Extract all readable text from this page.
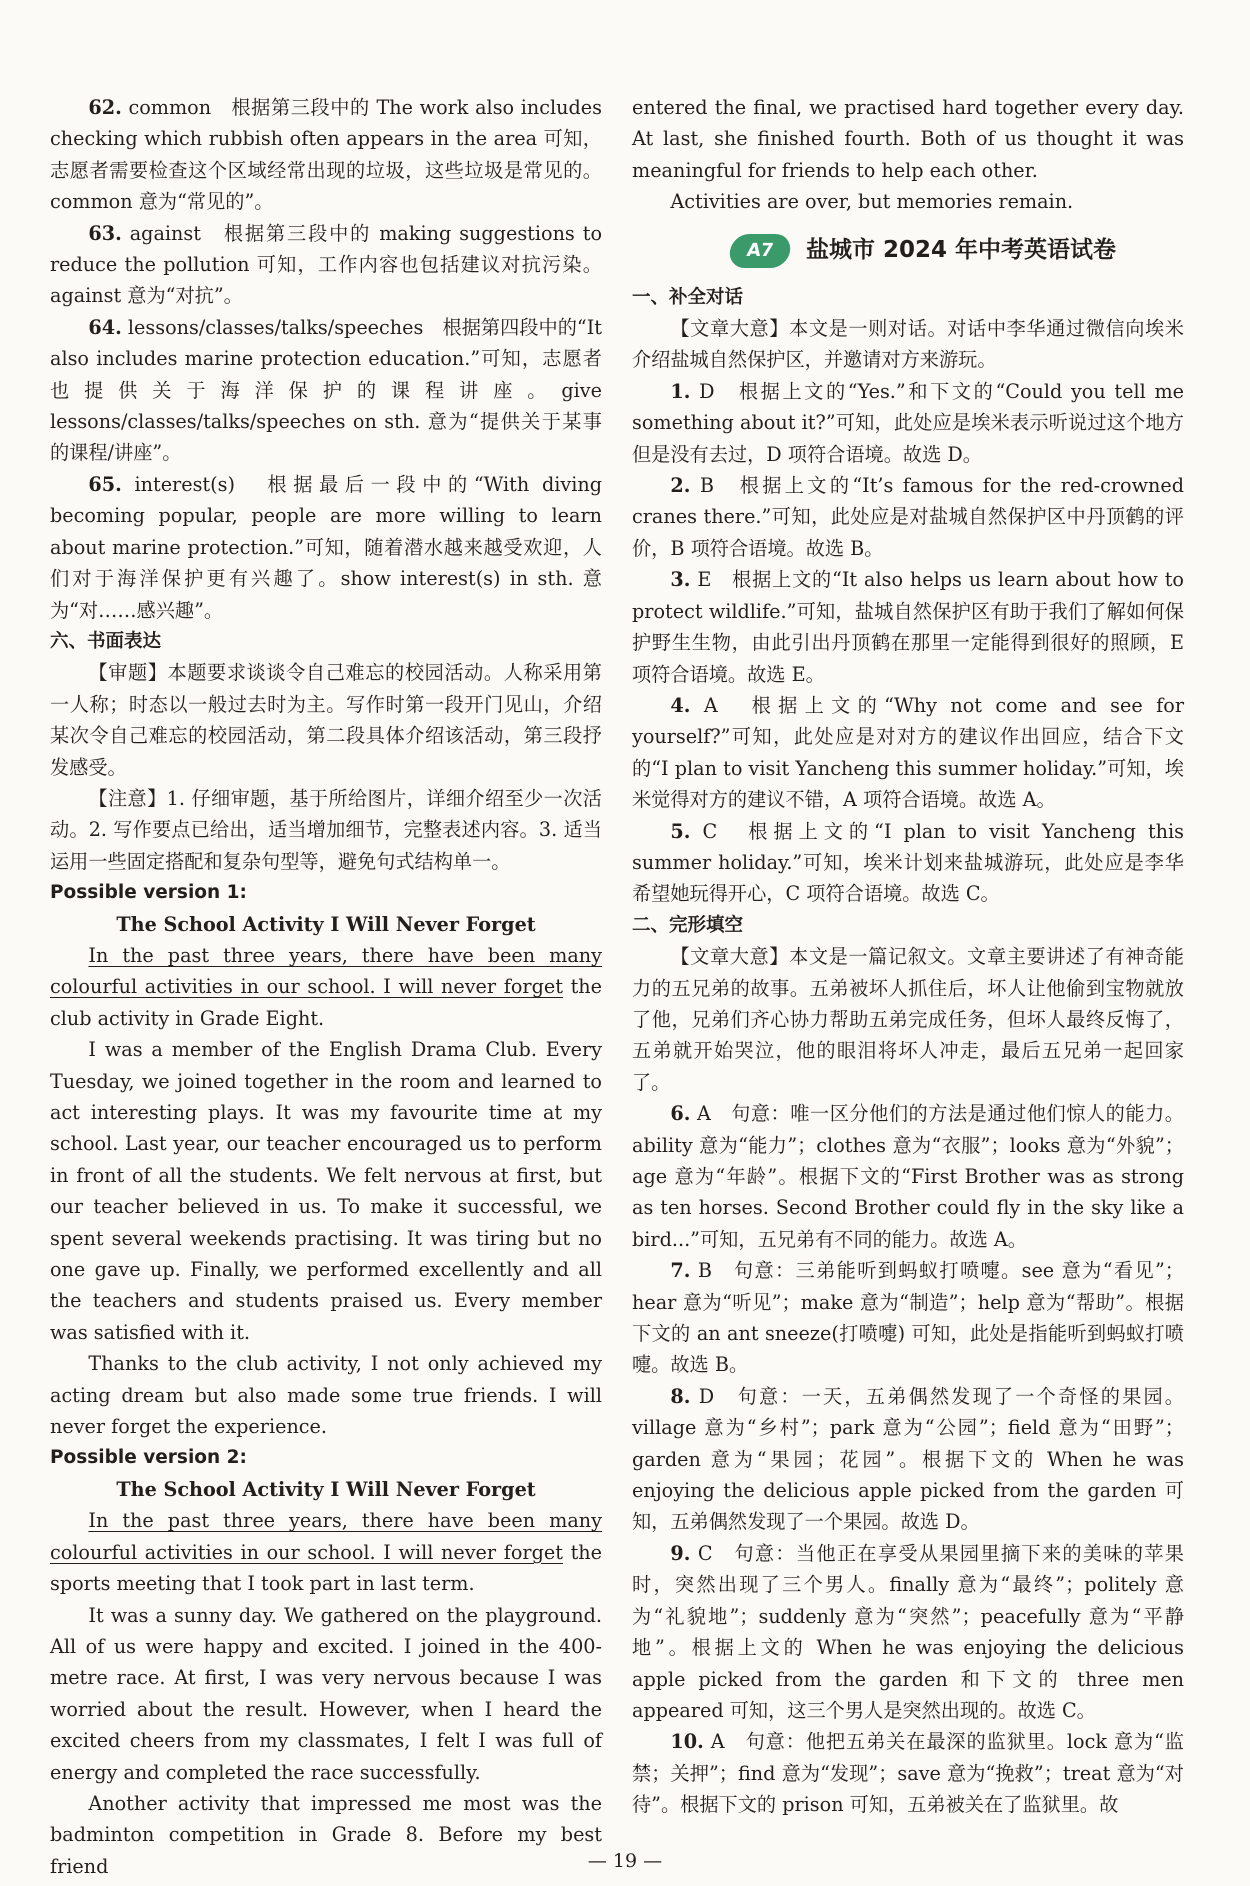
62. common　根据第三段中的 The work also includes checking which rubbish often appears in the area 可知，志愿者需要检查这个区域经常出现的垃圾，这些垃圾是常见的。common 意为“常见的”。

63. against　根据第三段中的 making suggestions to reduce the pollution 可知，工作内容也包括建议对抗污染。against 意为“对抗”。

64. lessons/classes/talks/speeches　根据第四段中的“It also includes marine protection education.”可知，志愿者也提供关于海洋保护的课程讲座。give lessons/classes/talks/speeches on sth. 意为“提供关于某事的课程/讲座”。

65. interest(s)　根据最后一段中的“With diving becoming popular, people are more willing to learn about marine protection.”可知，随着潜水越来越受欢迎，人们对于海洋保护更有兴趣了。show interest(s) in sth. 意为“对……感兴趣”。

六、书面表达

【审题】本题要求谈谈令自己难忘的校园活动。人称采用第一人称；时态以一般过去时为主。写作时第一段开门见山，介绍某次令自己难忘的校园活动，第二段具体介绍该活动，第三段抒发感受。

【注意】1. 仔细审题，基于所给图片，详细介绍至少一次活动。2. 写作要点已给出，适当增加细节，完整表述内容。3. 适当运用一些固定搭配和复杂句型等，避免句式结构单一。

Possible version 1:

The School Activity I Will Never Forget

In the past three years, there have been many colourful activities in our school. I will never forget the club activity in Grade Eight.

I was a member of the English Drama Club. Every Tuesday, we joined together in the room and learned to act interesting plays. It was my favourite time at my school. Last year, our teacher encouraged us to perform in front of all the students. We felt nervous at first, but our teacher believed in us. To make it successful, we spent several weekends practising. It was tiring but no one gave up. Finally, we performed excellently and all the teachers and students praised us. Every member was satisfied with it.

Thanks to the club activity, I not only achieved my acting dream but also made some true friends. I will never forget the experience.

Possible version 2:

The School Activity I Will Never Forget

In the past three years, there have been many colourful activities in our school. I will never forget the sports meeting that I took part in last term.

It was a sunny day. We gathered on the playground. All of us were happy and excited. I joined in the 400-metre race. At first, I was very nervous because I was worried about the result. However, when I heard the excited cheers from my classmates, I felt I was full of energy and completed the race successfully.

Another activity that impressed me most was the badminton competition in Grade 8. Before my best friend

entered the final, we practised hard together every day. At last, she finished fourth. Both of us thought it was meaningful for friends to help each other.

Activities are over, but memories remain.

A7	盐城市 2024 年中考英语试卷

一、补全对话

【文章大意】本文是一则对话。对话中李华通过微信向埃米介绍盐城自然保护区，并邀请对方来游玩。

1. D　根据上文的“Yes.”和下文的“Could you tell me something about it?”可知，此处应是埃米表示听说过这个地方但是没有去过，D 项符合语境。故选 D。

2. B　根据上文的“It’s famous for the red-crowned cranes there.”可知，此处应是对盐城自然保护区中丹顶鹤的评价，B 项符合语境。故选 B。

3. E　根据上文的“It also helps us learn about how to protect wildlife.”可知，盐城自然保护区有助于我们了解如何保护野生生物，由此引出丹顶鹤在那里一定能得到很好的照顾，E 项符合语境。故选 E。

4. A　根据上文的“Why not come and see for yourself?”可知，此处应是对对方的建议作出回应，结合下文的“I plan to visit Yancheng this summer holiday.”可知，埃米觉得对方的建议不错，A 项符合语境。故选 A。

5. C　根据上文的“I plan to visit Yancheng this summer holiday.”可知，埃米计划来盐城游玩，此处应是李华希望她玩得开心，C 项符合语境。故选 C。

二、完形填空

【文章大意】本文是一篇记叙文。文章主要讲述了有神奇能力的五兄弟的故事。五弟被坏人抓住后，坏人让他偷到宝物就放了他，兄弟们齐心协力帮助五弟完成任务，但坏人最终反悔了，五弟就开始哭泣，他的眼泪将坏人冲走，最后五兄弟一起回家了。

6. A　句意：唯一区分他们的方法是通过他们惊人的能力。ability 意为“能力”；clothes 意为“衣服”；looks 意为“外貌”；age 意为“年龄”。根据下文的“First Brother was as strong as ten horses. Second Brother could fly in the sky like a bird...”可知，五兄弟有不同的能力。故选 A。

7. B　句意：三弟能听到蚂蚁打喷嚏。see 意为“看见”；hear 意为“听见”；make 意为“制造”；help 意为“帮助”。根据下文的 an ant sneeze(打喷嚏) 可知，此处是指能听到蚂蚁打喷嚏。故选 B。

8. D　句意：一天，五弟偶然发现了一个奇怪的果园。village 意为“乡村”；park 意为“公园”；field 意为“田野”；garden 意为“果园；花园”。根据下文的 When he was enjoying the delicious apple picked from the garden 可知，五弟偶然发现了一个果园。故选 D。

9. C　句意：当他正在享受从果园里摘下来的美味的苹果时，突然出现了三个男人。finally 意为“最终”；politely 意为“礼貌地”；suddenly 意为“突然”；peacefully 意为“平静地”。根据上文的 When he was enjoying the delicious apple picked from the garden 和下文的 three men appeared 可知，这三个男人是突然出现的。故选 C。

10. A　句意：他把五弟关在最深的监狱里。lock 意为“监禁；关押”；find 意为“发现”；save 意为“挽救”；treat 意为“对待”。根据下文的 prison 可知，五弟被关在了监狱里。故

— 19 —
